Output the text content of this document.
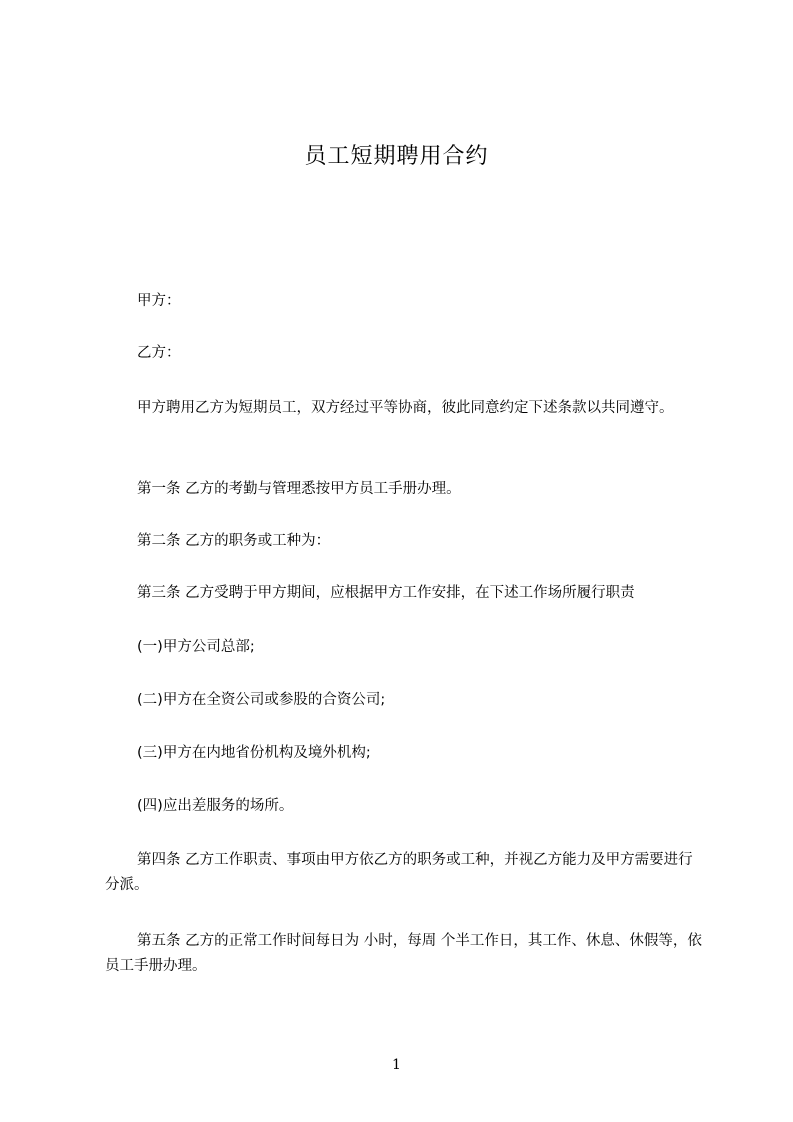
员工短期聘用合约

甲方：

乙方：

甲方聘用乙方为短期员工，双方经过平等协商，彼此同意约定下述条款以共同遵守。

第一条 乙方的考勤与管理悉按甲方员工手册办理。

第二条 乙方的职务或工种为：

第三条 乙方受聘于甲方期间，应根据甲方工作安排，在下述工作场所履行职责

(一)甲方公司总部;

(二)甲方在全资公司或参股的合资公司;

(三)甲方在内地省份机构及境外机构;

(四)应出差服务的场所。

第四条 乙方工作职责、事项由甲方依乙方的职务或工种，并视乙方能力及甲方需要进行分派。

第五条 乙方的正常工作时间每日为 小时，每周 个半工作日，其工作、休息、休假等，依员工手册办理。

1
